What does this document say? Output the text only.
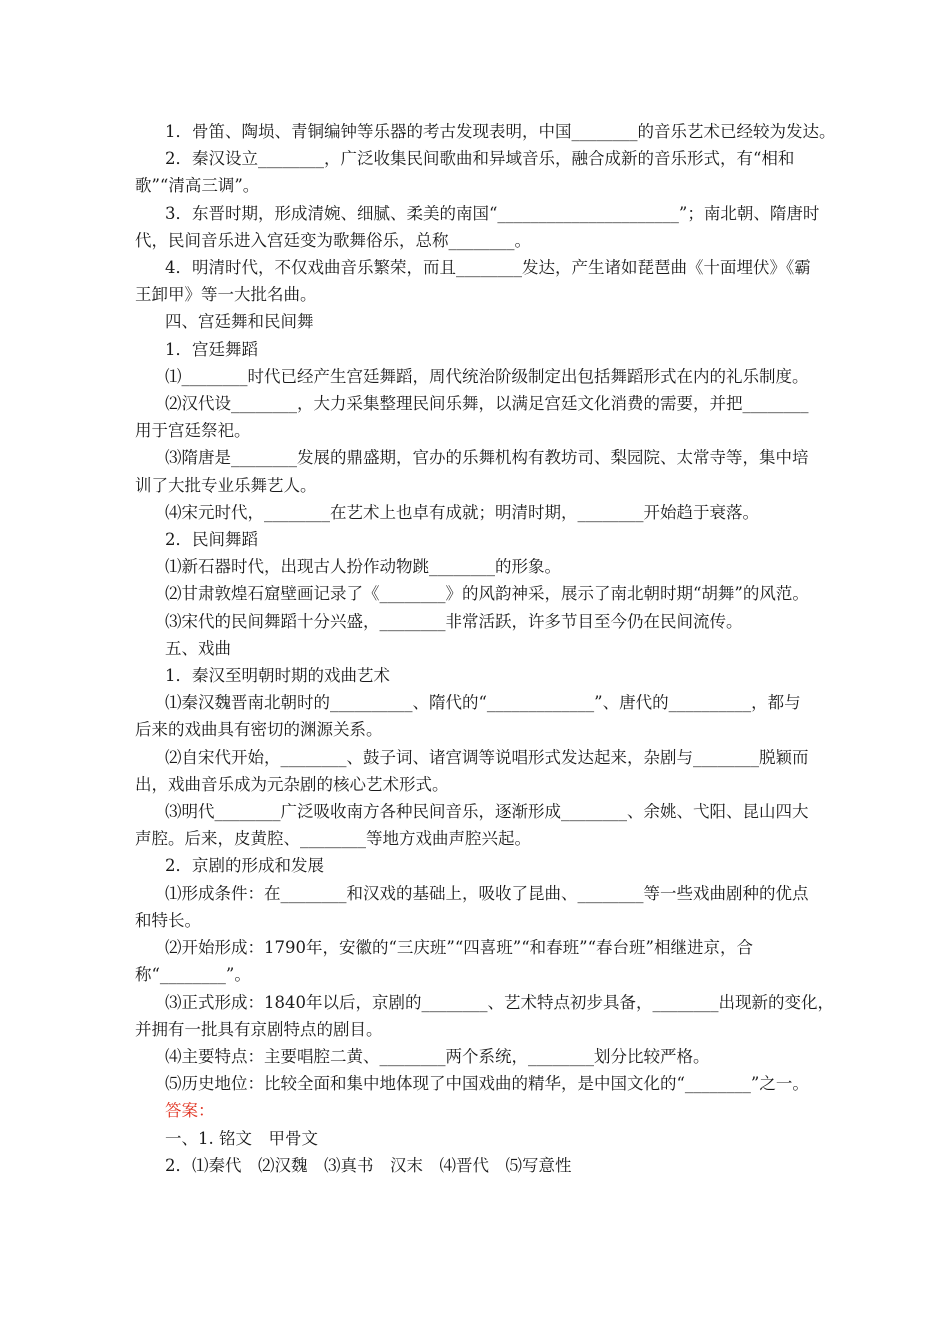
1．骨笛、陶埙、青铜编钟等乐器的考古发现表明，中国________的音乐艺术已经较为发达。
2．秦汉设立________，广泛收集民间歌曲和异域音乐，融合成新的音乐形式，有“相和
歌”“清高三调”。
3．东晋时期，形成清婉、细腻、柔美的南国“______________________”；南北朝、隋唐时
代，民间音乐进入宫廷变为歌舞俗乐，总称________。
4．明清时代，不仅戏曲音乐繁荣，而且________发达，产生诸如琵琶曲《十面埋伏》《霸
王卸甲》等一大批名曲。
四、宫廷舞和民间舞
1．宫廷舞蹈
⑴________时代已经产生宫廷舞蹈，周代统治阶级制定出包括舞蹈形式在内的礼乐制度。
⑵汉代设________，大力采集整理民间乐舞，以满足宫廷文化消费的需要，并把________
用于宫廷祭祀。
⑶隋唐是________发展的鼎盛期，官办的乐舞机构有教坊司、梨园院、太常寺等，集中培
训了大批专业乐舞艺人。
⑷宋元时代，________在艺术上也卓有成就；明清时期，________开始趋于衰落。
2．民间舞蹈
⑴新石器时代，出现古人扮作动物跳________的形象。
⑵甘肃敦煌石窟壁画记录了《________》的风韵神采，展示了南北朝时期“胡舞”的风范。
⑶宋代的民间舞蹈十分兴盛，________非常活跃，许多节目至今仍在民间流传。
五、戏曲
1．秦汉至明朝时期的戏曲艺术
⑴秦汉魏晋南北朝时的__________、隋代的“_____________”、唐代的__________，都与
后来的戏曲具有密切的渊源关系。
⑵自宋代开始，________、鼓子词、诸宫调等说唱形式发达起来，杂剧与________脱颖而
出，戏曲音乐成为元杂剧的核心艺术形式。
⑶明代________广泛吸收南方各种民间音乐，逐渐形成________、余姚、弋阳、昆山四大
声腔。后来，皮黄腔、________等地方戏曲声腔兴起。
2．京剧的形成和发展
⑴形成条件：在________和汉戏的基础上，吸收了昆曲、________等一些戏曲剧种的优点
和特长。
⑵开始形成：1790年，安徽的“三庆班”“四喜班”“和春班”“春台班”相继进京，合
称“________”。
⑶正式形成：1840年以后，京剧的________、艺术特点初步具备，________出现新的变化，
并拥有一批具有京剧特点的剧目。
⑷主要特点：主要唱腔二黄、________两个系统，________划分比较严格。
⑸历史地位：比较全面和集中地体现了中国戏曲的精华，是中国文化的“________”之一。
答案：
一、1. 铭文　甲骨文
2．⑴秦代　⑵汉魏　⑶真书　汉末　⑷晋代　⑸写意性
